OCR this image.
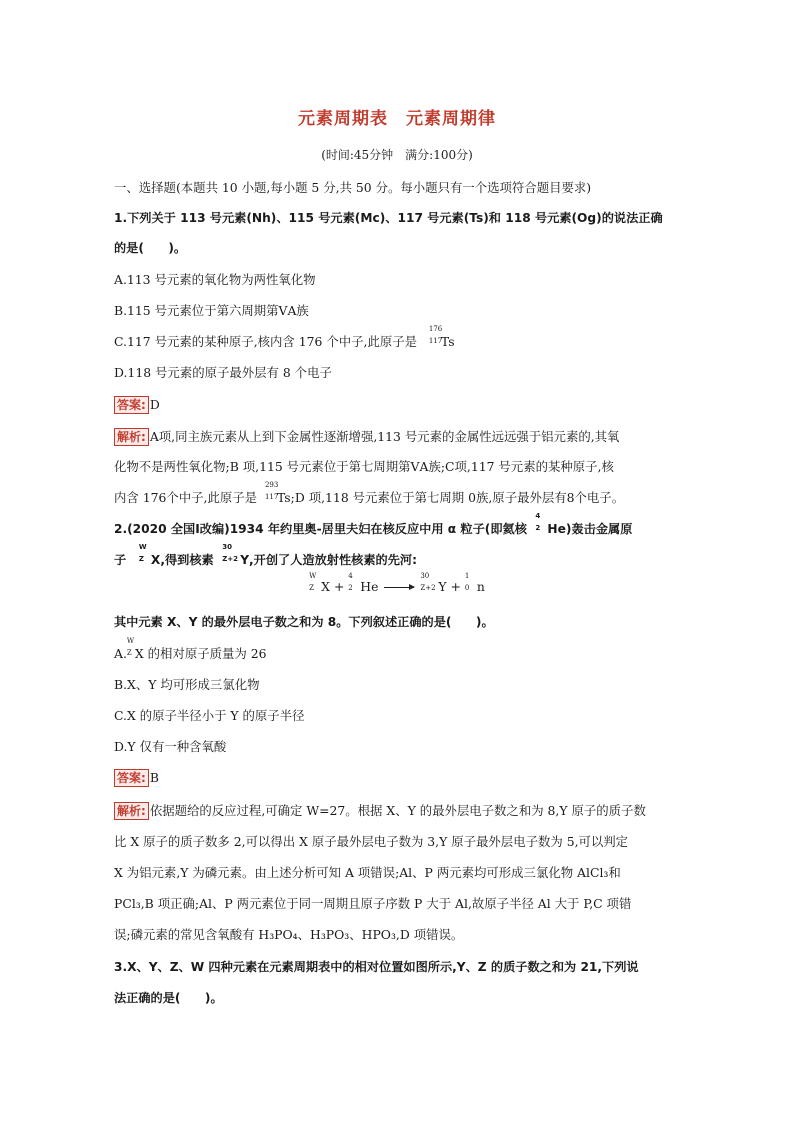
元素周期表　元素周期律
(时间:45分钟　满分:100分)
一、选择题(本题共 10 小题,每小题 5 分,共 50 分。每小题只有一个选项符合题目要求)
1.下列关于 113 号元素(Nh)、115 号元素(Mc)、117 号元素(Ts)和 118 号元素(Og)的说法正确
的是(　　)。
A.113 号元素的氧化物为两性氧化物
B.115 号元素位于第六周期第ⅤA族
C.117 号元素的某种原子,核内含 176 个中子,此原子是
176
117
Ts
D.118 号元素的原子最外层有 8 个电子
答案: D
解析: A项,同主族元素从上到下金属性逐渐增强,113 号元素的金属性远远强于铝元素的,其氧
化物不是两性氧化物;B 项,115 号元素位于第七周期第ⅤA族;C项,117 号元素的某种原子,核
内含 176个中子,此原子是
293
117
Ts;D 项,118 号元素位于第七周期 0族,原子最外层有8个电子。
2.(2020 全国Ⅰ改编)1934 年约里奥-居里夫妇在核反应中用 α 粒子(即氦核
4
2 He)轰击金属原
子
W
Z X,得到核素
30
Z+2 Y,开创了人造放射性核素的先河:
W
Z X +
4
2 He
30
Z+2 Y +
1
0 n
其中元素 X、Y 的最外层电子数之和为 8。下列叙述正确的是(　　)。
A.
W
Z X 的相对原子质量为 26
B.X、Y 均可形成三氯化物
C.X 的原子半径小于 Y 的原子半径
D.Y 仅有一种含氧酸
答案: B
解析: 依据题给的反应过程,可确定 W=27。根据 X、Y 的最外层电子数之和为 8,Y 原子的质子数
比 X 原子的质子数多 2,可以得出 X 原子最外层电子数为 3,Y 原子最外层电子数为 5,可以判定
X 为铝元素,Y 为磷元素。由上述分析可知 A 项错误;Al、P 两元素均可形成三氯化物 AlCl₃和
PCl₃,B 项正确;Al、P 两元素位于同一周期且原子序数 P 大于 Al,故原子半径 Al 大于 P,C 项错
误;磷元素的常见含氧酸有 H₃PO₄、H₃PO₃、HPO₃,D 项错误。
3.X、Y、Z、W 四种元素在元素周期表中的相对位置如图所示,Y、Z 的质子数之和为 21,下列说
法正确的是(　　)。
